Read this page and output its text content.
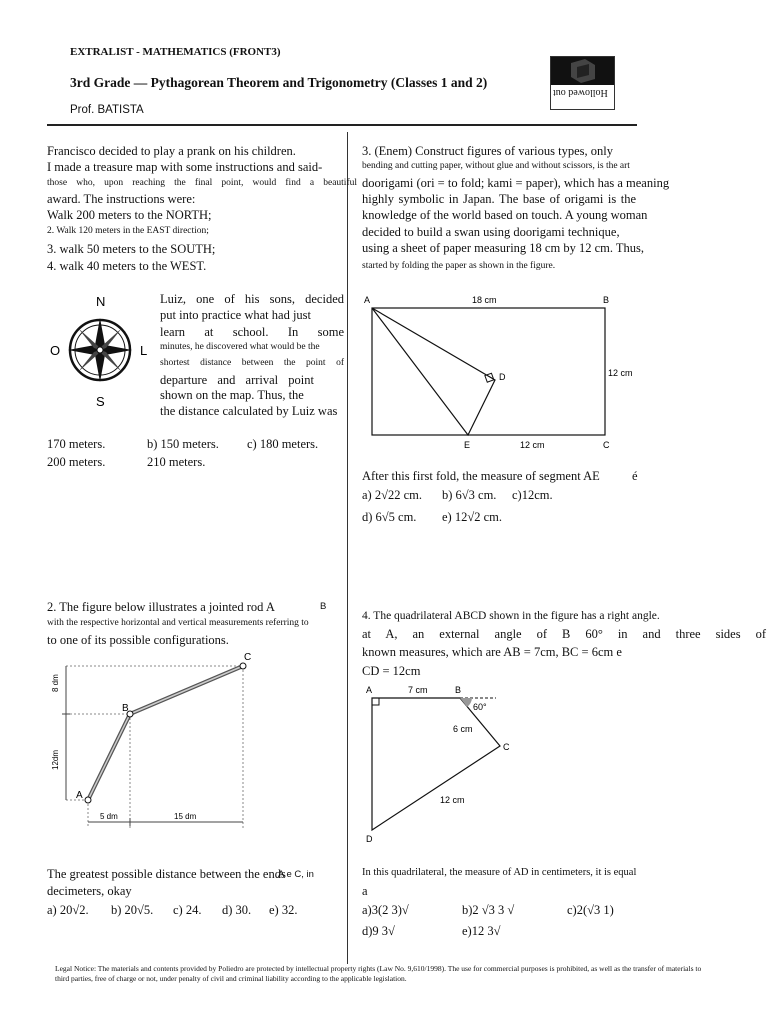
EXTRALIST - MATHEMATICS (FRONT3)
3rd Grade — Pythagorean Theorem and Trigonometry (Classes 1 and 2)
Prof. BATISTA
Hollowed out
Francisco decided to play a prank on his children.
I made a treasure map with some instructions and said-
those who, upon reaching the final point, would find a beautiful
award. The instructions were:
Walk 200 meters to the NORTH;
2. Walk 120 meters in the EAST direction;
3. walk 50 meters to the SOUTH;
4. walk 40 meters to the WEST.
N
S
O	L
Luiz, one of his sons, decided
put into practice what had just
learn at school. In some
minutes, he discovered what would be the
shortest distance between the point of
departure and arrival point
shown on the map. Thus, the
the distance calculated by Luiz was
170 meters.	b) 150 meters. c) 180 meters.
200 meters.	210 meters.
2. The figure below illustrates a jointed rod A	B
with the respective horizontal and vertical measurements referring to
to one of its possible configurations.
A
B
C
8 dm
12dm
5 dm	15 dm
The greatest possible distance between the ends
A e C, in
decimeters, okay
a) 20√2. b) 20√5. c) 24. d) 30. e) 32.
3. (Enem) Construct figures of various types, only
bending and cutting paper, without glue and without scissors, is the art
doorigami (ori = to fold; kami = paper), which has a meaning
highly symbolic in Japan. The base of origami is the
knowledge of the world based on touch. A young woman
decided to build a swan using doorigami technique,
using a sheet of paper measuring 18 cm by 12 cm. Thus,
started by folding the paper as shown in the figure.
A	B
C
D
E
18 cm
12 cm
12 cm
After this first fold, the measure of segment AE	é
a) 2√22 cm. b) 6√3 cm. c)12cm.
d) 6√5 cm. e) 12√2 cm.
4. The quadrilateral ABCD shown in the figure has a right angle.
at A, an external angle of B 60° in and three sides of
known measures, which are AB = 7cm, BC = 6cm e
CD = 12cm
A	B
C
D
7 cm
60°
6 cm
12 cm
In this quadrilateral, the measure of AD in centimeters, it is equal
a
a)3(2 3)√	b)2 √3 3 √	c)2(√3 1)
d)9 3√	e)12 3√
Legal Notice: The materials and contents provided by Poliedro are protected by intellectual property rights (Law No. 9,610/1998). The use for commercial purposes is prohibited, as well as the transfer of materials to third parties, free of charge or not, under penalty of civil and criminal liability according to the applicable legislation.
